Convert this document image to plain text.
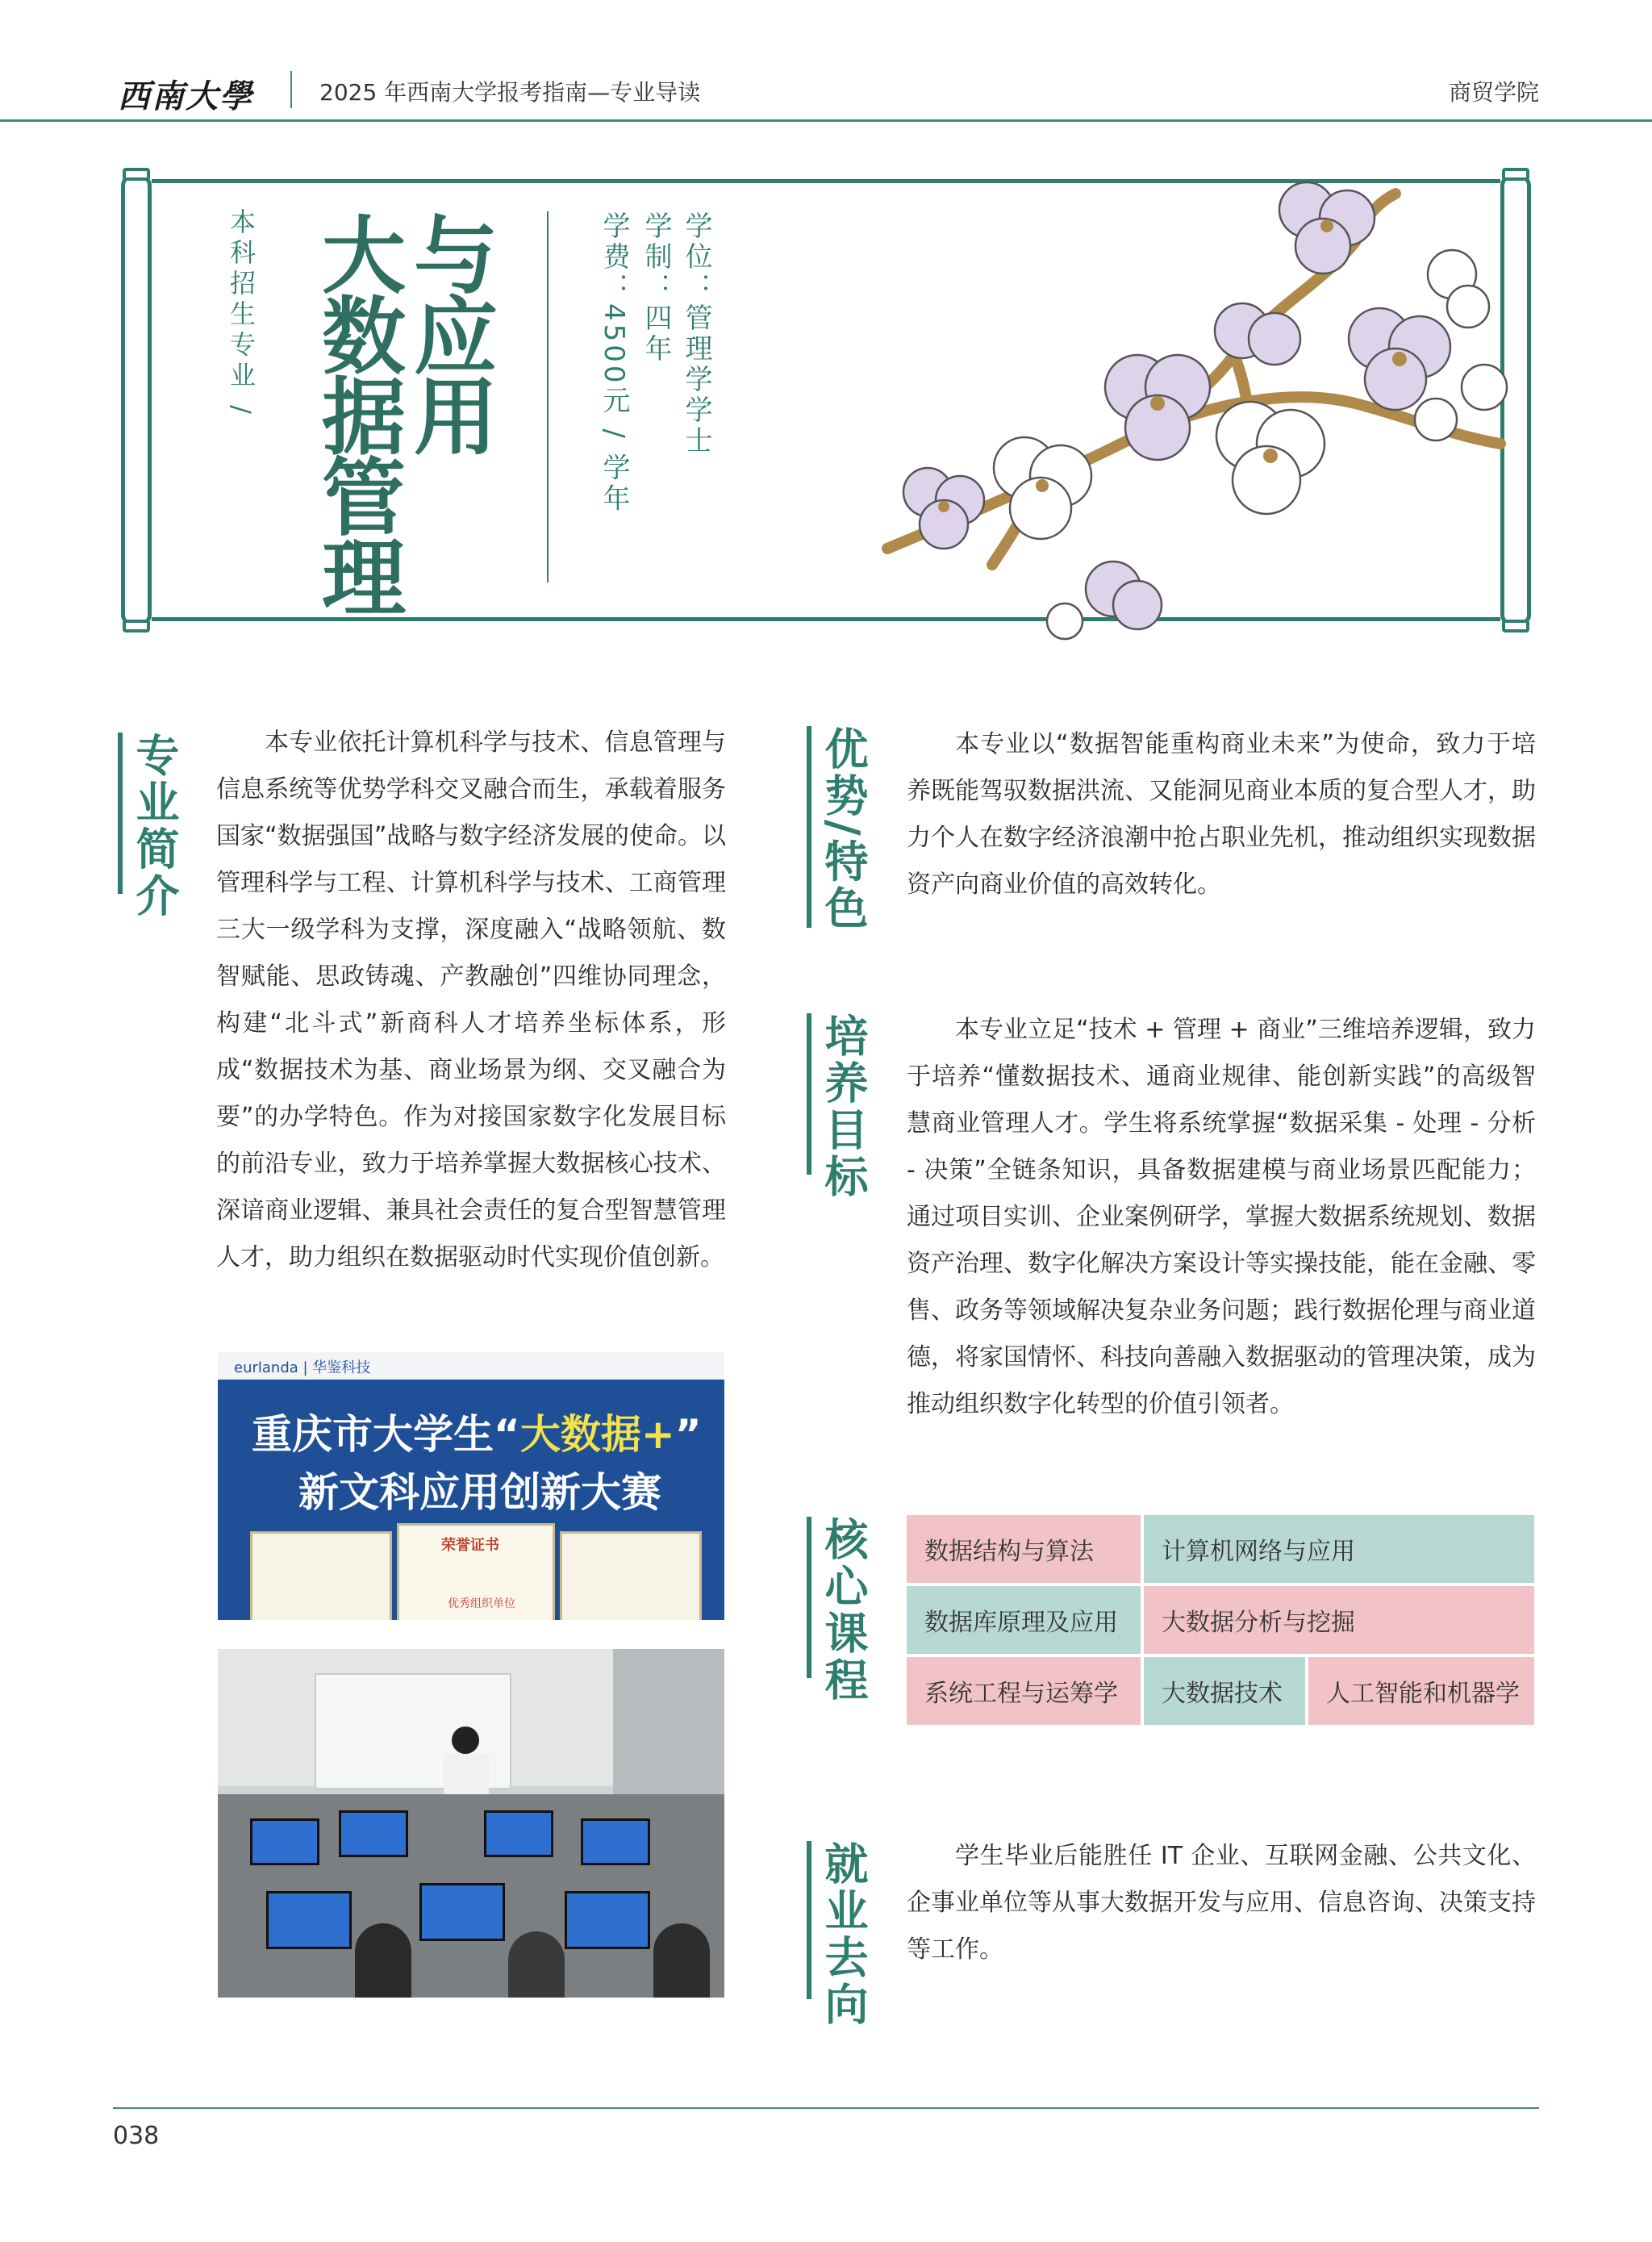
西南大學	2025 年西南大学报考指南—专业导读	商贸学院
本科招生专业 / 大数据管理
与应用	学位：管理学学士
学制：四年
学费：4500元 / 学年
专业简介	本专业依托计算机科学与技术、信息管理与信息系统等优势学科交叉融合而生，承载着服务国家“数据强国”战略与数字经济发展的使命。以管理科学与工程、计算机科学与技术、工商管理三大一级学科为支撑，深度融入“战略领航、数智赋能、思政铸魂、产教融创”四维协同理念，构建“北斗式”新商科人才培养坐标体系，形成“数据技术为基、商业场景为纲、交叉融合为要”的办学特色。作为对接国家数字化发展目标的前沿专业，致力于培养掌握大数据核心技术、深谙商业逻辑、兼具社会责任的复合型智慧管理人才，助力组织在数据驱动时代实现价值创新。
eurlanda | 华鉴科技
重庆市大学生“大数据+”
新文科应用创新大赛
荣誉证书
优秀组织单位
优势/特色	本专业以“数据智能重构商业未来”为使命，致力于培养既能驾驭数据洪流、又能洞见商业本质的复合型人才，助力个人在数字经济浪潮中抢占职业先机，推动组织实现数据资产向商业价值的高效转化。
培养目标	本专业立足“技术 + 管理 + 商业”三维培养逻辑，致力于培养“懂数据技术、通商业规律、能创新实践”的高级智慧商业管理人才。学生将系统掌握“数据采集 - 处理 - 分析 - 决策”全链条知识，具备数据建模与商业场景匹配能力；通过项目实训、企业案例研学，掌握大数据系统规划、数据资产治理、数字化解决方案设计等实操技能，能在金融、零售、政务等领域解决复杂业务问题；践行数据伦理与商业道德，将家国情怀、科技向善融入数据驱动的管理决策，成为推动组织数字化转型的价值引领者。
核心课程	数据结构与算法	计算机网络与应用
数据库原理及应用	大数据分析与挖掘
系统工程与运筹学	大数据技术	人工智能和机器学
就业去向	学生毕业后能胜任 IT 企业、互联网金融、公共文化、企事业单位等从事大数据开发与应用、信息咨询、决策支持等工作。
038
